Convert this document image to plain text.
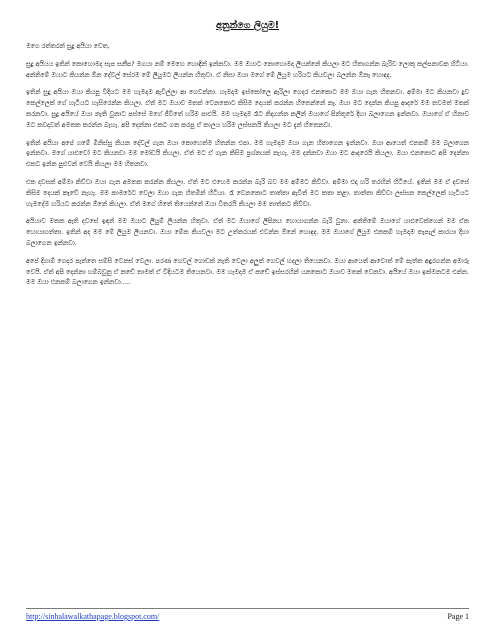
අනුන්ගෙ ලියුම!

මගෙ රත්තරන් සුදු අයියා වෙත,

සුදු අයියය ඉතින් කොහොමද සැප සනීප? මගයා නම් මෙහෙ හොඳින් ඉන්නවා. මම ඔයාට කොහොමද ලියන්නේ කියලා මට හිතාගන්න බැරිව ලොකු කල්පනාවක හිටියා. අන්තිමේ ඔයාට කියන්න ඕන දේවල් සේරම මේ ලියුමට ලියන්න හිතුවා. ඒ නිසා ඔයා මගේ මේ ලියුම හරියට කියවලා බලන්න ඕනෑ හොඳද.

ඉතින් සුදු අයියා ඔයා කියපු විදියට මම හැමදාම ඇවිල්ලා ආ ගෙවන්නා. හැමදාම ඉස්කෝලෙ ඇරිලා ගෙදර එනකොට මම ඔයා ගැන හිතනවා. අම්මා මට කියනවා දුව කෙල්ලෙක් ගේ හැටියට හැසිරෙන්න කියලා. ඒත් මට ඔයාව මතක් වෙනකොට කිසිම දෙයක් කරන්න හිතෙන්නේ නෑ. ඔයා මට දෙන්න කියපු ආදරේ මම තවමත් මතක් කරනවා. සුදු අයියේ ඔයා නැති වුනාට පස්සේ මගේ ජීවිතේ හරිම පාළුයි. මම හැමදාම රෑට නිදාගන්න කලින් ඔයාගේ පින්තූරේ දිහා බලාගෙන ඉන්නවා. ඔයාගේ ඒ හිනාව මට කවදාවත් අමතක කරන්න බැහැ. අපි දෙන්නා එකට ගත කරපු ඒ කාලය හරිම ලස්සනයි කියලා මට දැන් හිතෙනවා.

ඉතින් අයියා අපේ ගමේ මිනිස්සු කියන දේවල් ගැන ඔයා කොහෙත්ම හිතන්න එපා. මම හැමදාම ඔයා ගැන හිතාගෙන ඉන්නවා. ඔයා ආයෙත් එනකම් මම බලාගෙන ඉන්නවා. මගේ යාළුවෝ මට කියනවා මම මෝඩයි කියලා. ඒත් මට ඒ ගැන කිසිම ප්‍රශ්නයක් නැහැ. මම දන්නවා ඔයා මට ආදරෙයි කියලා. ඔයා එනකොට අපි දෙන්නා එකට ඉන්න පුළුවන් වෙයි කියලා මම හිතනවා.

එක දවසක් අම්මා කිව්වා ඔයා ගැන අමතක කරන්න කියලා. ඒත් මට එහෙම කරන්න බැරි බව මම අම්මට කිව්වා. අම්මා එදා හරි තරහින් හිටියේ. ඉතින් මම ඒ දවසේ කිසිම දෙයක් කෑවේ නැහැ. මම කාමරේට වෙලා ඔයා ගැන හිතමින් හිටියා. රෑ වෙනකොට තාත්තා ඇවිත් මට කතා කළා. තාත්තා කිව්වා ලස්සන කෙල්ලෙක් හැටියට හැමදේම හරියට කරන්න ඕනේ කියලා. ඒත් මගේ හිතේ තියෙන්නේ ඔයා විතරයි කියලා මම තාත්තට කිව්වා.

අයියාව මතක ඇති දවසේ ඉඳන් මම ඔයාට ලියුම් ලියන්න හිතුවා. ඒත් මට ඔයාගේ ලිපිනය හොයාගන්න බැරි වුනා. අන්තිමේ ඔයාගේ යාළුවෙක්ගෙන් මම ඒක හොයාගත්තා. ඉතින් අද මම මේ ලියුම ලියනවා. ඔයා මේක කියවලා මට උත්තරයක් එවන්න ඕනේ හොඳද. මම ඔයාගේ ලියුම එනකම් හැමදාම තැපැල් කාරයා දිහා බලාගෙන ඉන්නවා.

අපේ දිගාම් ගෙදර පැත්තෙ සම්සි වෙනස් වෙලා. පරණ ගෙවල් ගොඩක් නැති වෙලා අලුත් ගෙවල් හදලා තියෙනවා. ඔයා ආයෙත් ආවොත් මේ පැත්ත අඳුරගන්න අමාරු වෙයි. ඒත් අපි දෙන්නා හම්බවුනු ඒ කඩේ තාමත් ඒ විදියටම තියෙනවා. මම හැමදාම ඒ කඩේ ඉස්සරහින් යනකොට ඔයාව මතක් වෙනවා. අයියේ ඔයා ඉක්මනටම එන්න. මම ඔයා එනකම් බලාගෙන ඉන්නවා.....

http://sinhalawalkathapage.blogspot.com/	Page 1
